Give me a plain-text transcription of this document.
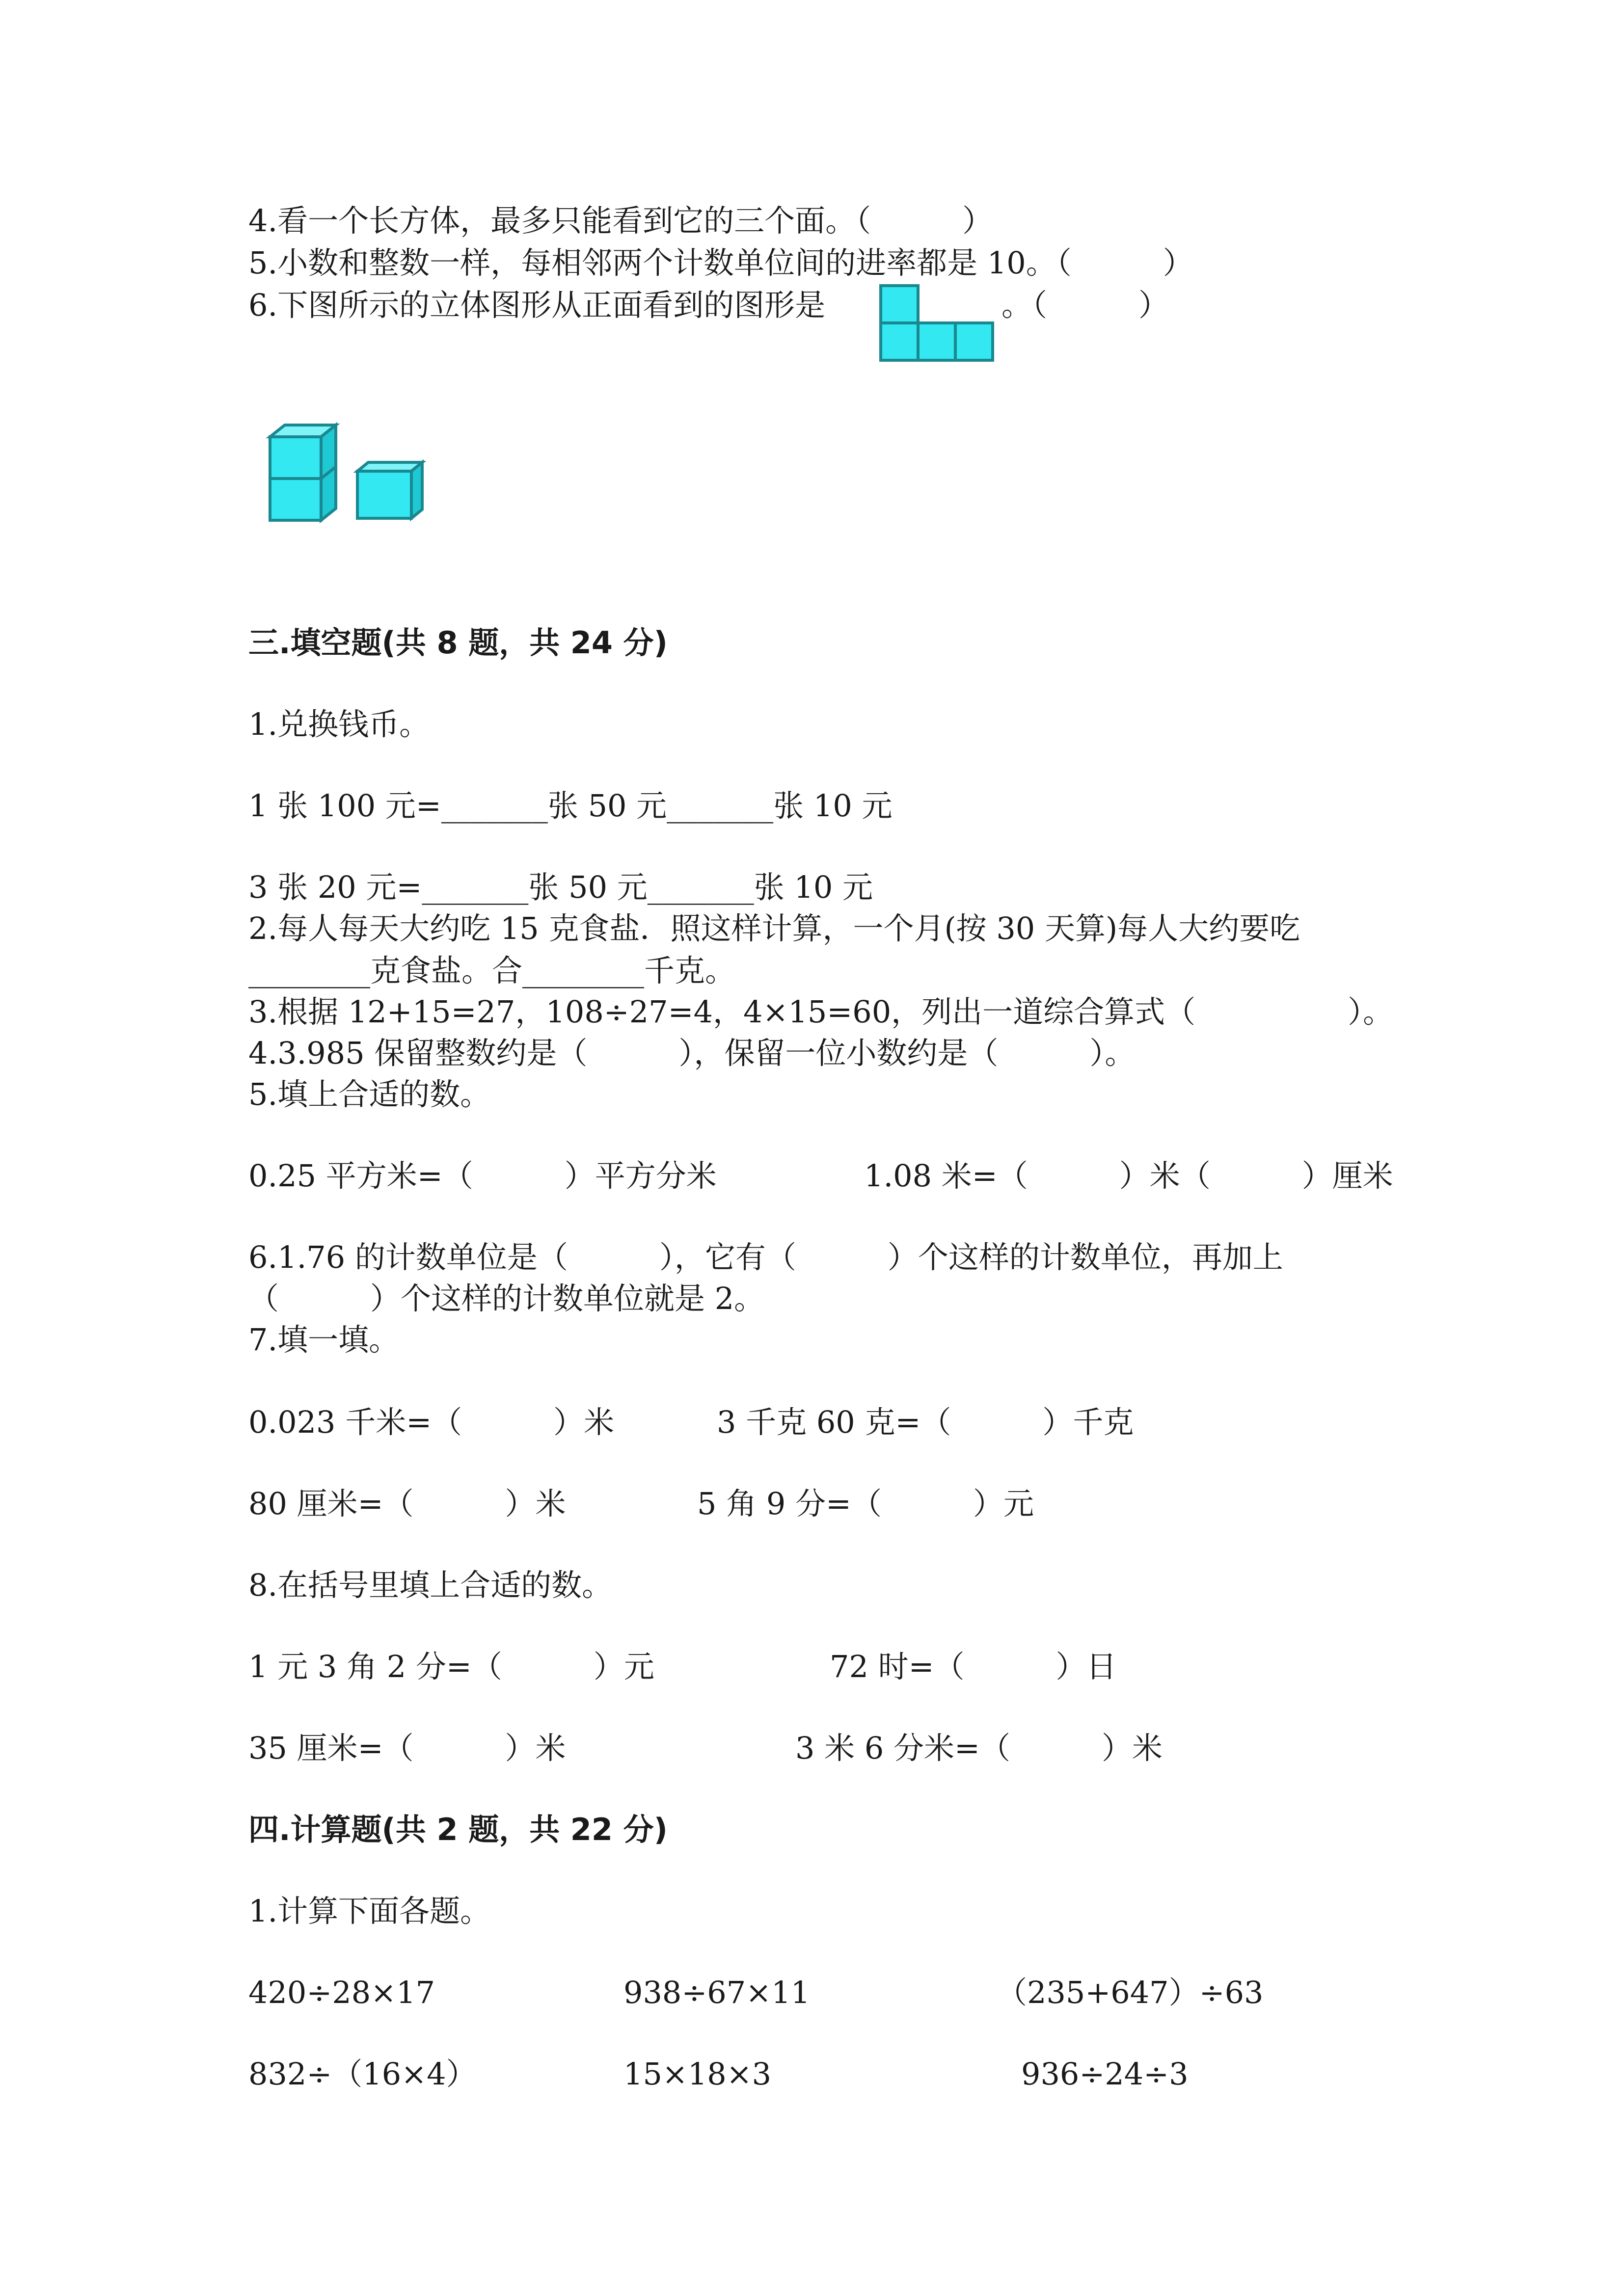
4.看一个长方体，最多只能看到它的三个面。（　　　）
5.小数和整数一样，每相邻两个计数单位间的进率都是 10。（　　　）
6.下图所示的立体图形从正面看到的图形是	。（　　　）
三.填空题(共 8 题，共 24 分)
1.兑换钱币。
1 张 100 元=_______张 50 元_______张 10 元
3 张 20 元=_______张 50 元_______张 10 元
2.每人每天大约吃 15 克食盐．照这样计算，一个月(按 30 天算)每人大约要吃
________克食盐。合________千克。
3.根据 12+15=27，108÷27=4，4×15=60，列出一道综合算式（　　　　　）。
4.3.985 保留整数约是（　　　），保留一位小数约是（　　　）。
5.填上合适的数。
0.25 平方米=（　　　）平方分米	1.08 米=（　　　）米（　　　）厘米
6.1.76 的计数单位是（　　　），它有（　　　）个这样的计数单位，再加上
（　　　）个这样的计数单位就是 2。
7.填一填。
0.023 千米=（　　　）米	3 千克 60 克=（　　　）千克
80 厘米=（　　　）米	5 角 9 分=（　　　）元
8.在括号里填上合适的数。
1 元 3 角 2 分=（　　　）元	72 时=（　　　）日
35 厘米=（　　　）米	3 米 6 分米=（　　　）米
四.计算题(共 2 题，共 22 分)
1.计算下面各题。
420÷28×17	938÷67×11	（235+647）÷63
832÷（16×4）	15×18×3	936÷24÷3
